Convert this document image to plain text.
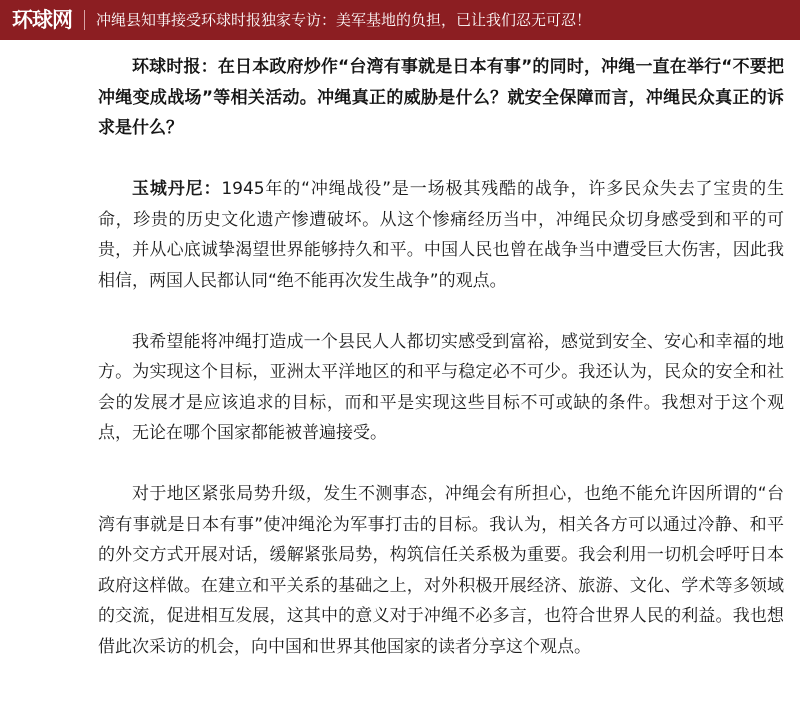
环球网 冲绳县知事接受环球时报独家专访：美军基地的负担，已让我们忍无可忍！

环球时报：在日本政府炒作“台湾有事就是日本有事”的同时，冲绳一直在举行“不要把冲绳变成战场”等相关活动。冲绳真正的威胁是什么？就安全保障而言，冲绳民众真正的诉求是什么？

玉城丹尼：1945年的“冲绳战役”是一场极其残酷的战争，许多民众失去了宝贵的生命，珍贵的历史文化遗产惨遭破坏。从这个惨痛经历当中，冲绳民众切身感受到和平的可贵，并从心底诚挚渴望世界能够持久和平。中国人民也曾在战争当中遭受巨大伤害，因此我相信，两国人民都认同“绝不能再次发生战争”的观点。

我希望能将冲绳打造成一个县民人人都切实感受到富裕，感觉到安全、安心和幸福的地方。为实现这个目标，亚洲太平洋地区的和平与稳定必不可少。我还认为，民众的安全和社会的发展才是应该追求的目标，而和平是实现这些目标不可或缺的条件。我想对于这个观点，无论在哪个国家都能被普遍接受。

对于地区紧张局势升级，发生不测事态，冲绳会有所担心，也绝不能允许因所谓的“台湾有事就是日本有事”使冲绳沦为军事打击的目标。我认为，相关各方可以通过冷静、和平的外交方式开展对话，缓解紧张局势，构筑信任关系极为重要。我会利用一切机会呼吁日本政府这样做。在建立和平关系的基础之上，对外积极开展经济、旅游、文化、学术等多领域的交流，促进相互发展，这其中的意义对于冲绳不必多言，也符合世界人民的利益。我也想借此次采访的机会，向中国和世界其他国家的读者分享这个观点。
